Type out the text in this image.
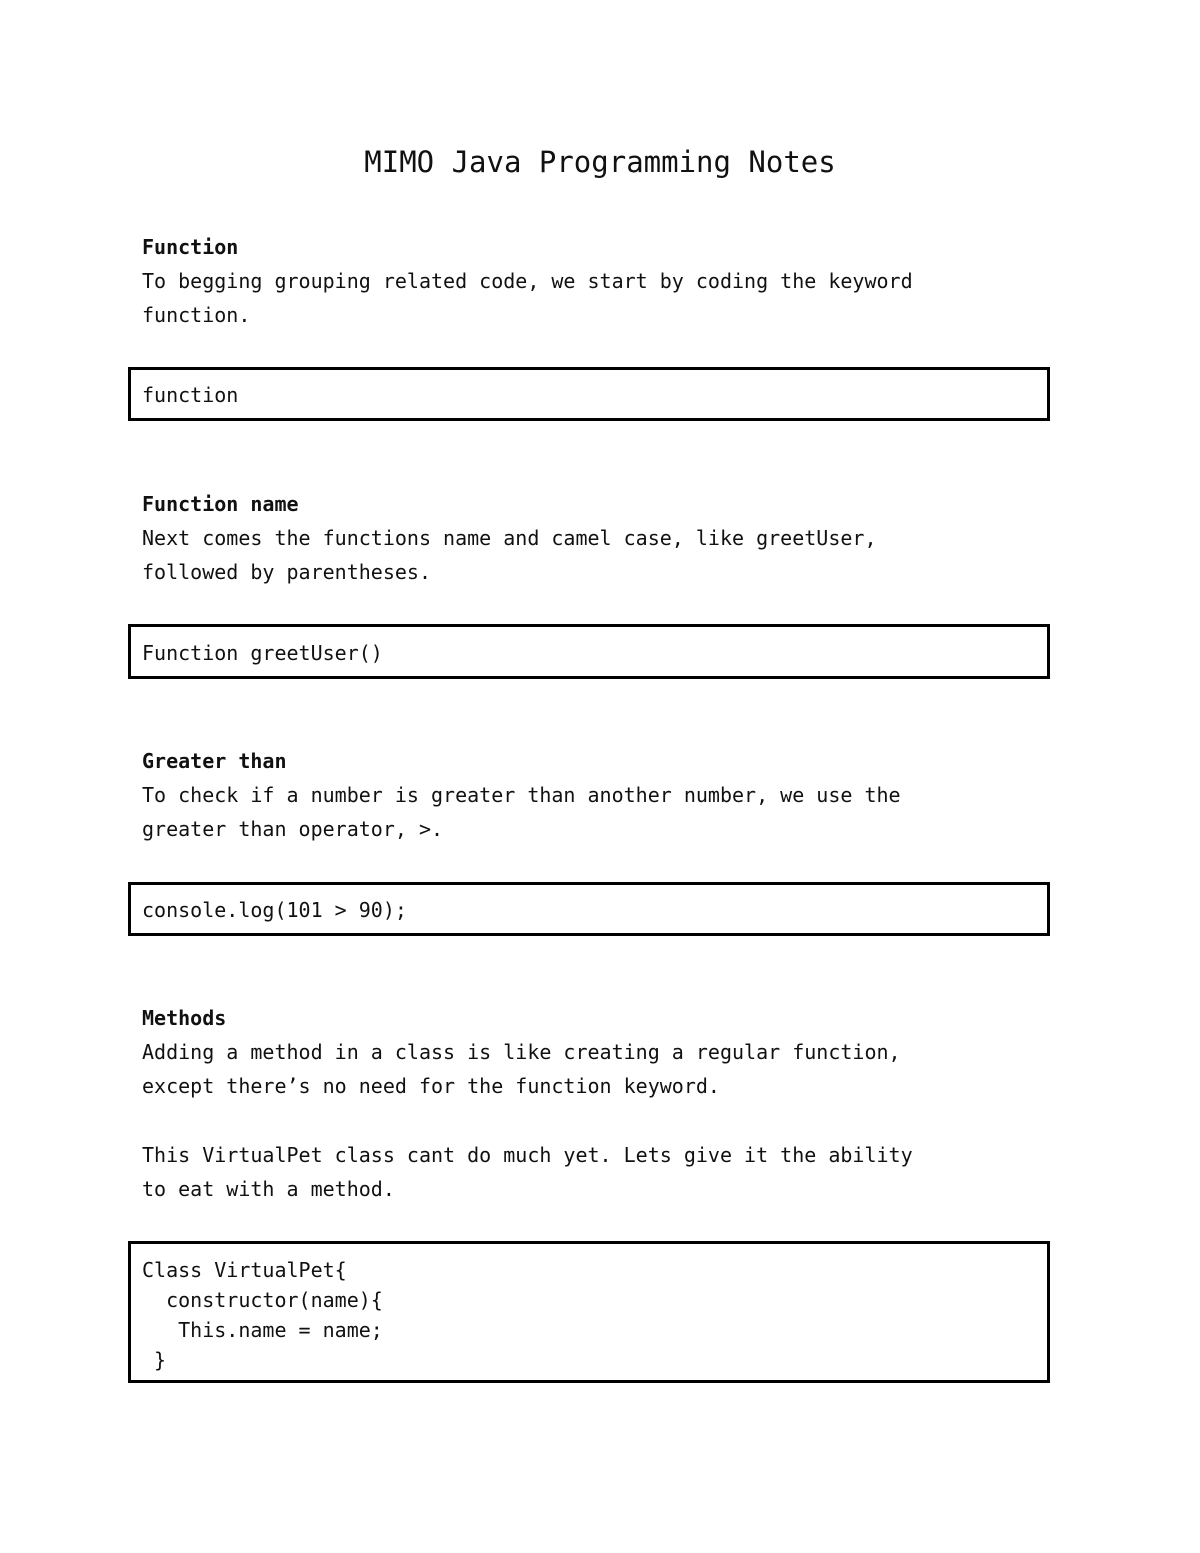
MIMO Java Programming Notes

Function

To begging grouping related code, we start by coding the keyword
function.

function

Function name

Next comes the functions name and camel case, like greetUser,
followed by parentheses.

Function greetUser()

Greater than

To check if a number is greater than another number, we use the
greater than operator, >.

console.log(101 > 90);

Methods

Adding a method in a class is like creating a regular function,
except there’s no need for the function keyword.

This VirtualPet class cant do much yet. Lets give it the ability
to eat with a method.

Class VirtualPet{

constructor(name){

This.name = name;

}
